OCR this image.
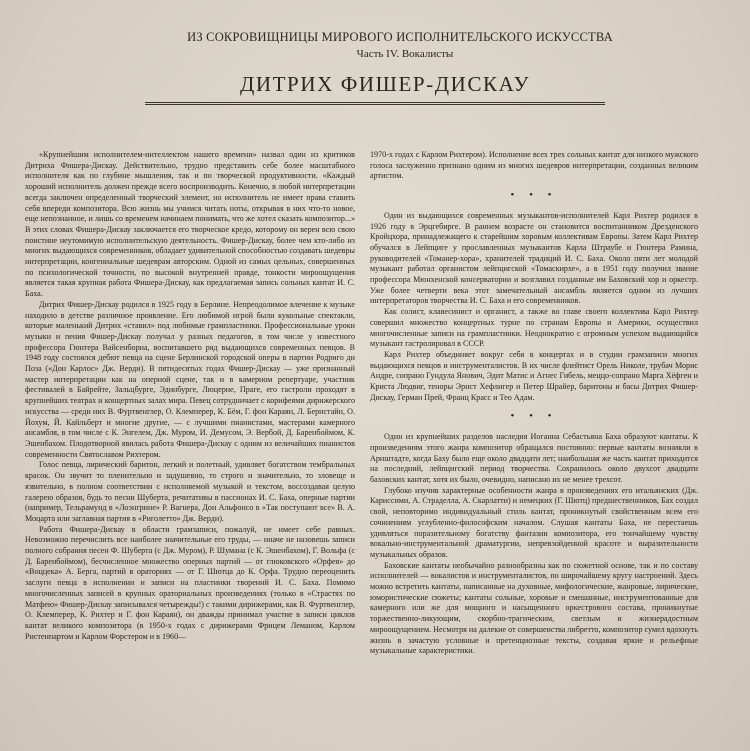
ИЗ СОКРОВИЩНИЦЫ МИРОВОГО ИСПОЛНИТЕЛЬСКОГО ИСКУССТВА
Часть IV. Вокалисты
ДИТРИХ ФИШЕР-ДИСКАУ

«Крупнейшим исполнителем-интеллектом нашего времени» назвал один из критиков Дитриха Фишера-Дискау. Действительно, трудно представить себе более масштабного исполнителя как по глубине мышления, так и по творческой продуктивности. «Каждый хороший исполнитель должен прежде всего воспроизводить. Конечно, в любой интерпретации всегда заключен определенный творческий элемент, но исполнитель не имеет права ставить себя впереди композитора. Всю жизнь мы учимся читать ноты, открывая в них что-то новое, еще непознанное, и лишь со временем начинаем понимать, что же хотел сказать композитор...» В этих словах Фишера-Дискау заключается его творческое кредо, которому он верен всю свою поистине неутомимую исполнительскую деятельность. Фишер-Дискау, более чем кто-либо из многих выдающихся современников, обладает удивительной способностью создавать шедевры интерпретации, конгениальные шедеврам авторским. Одной из самых цельных, совершенных по психологической точности, по высокой внутренней правде, тонкости мироощущения является такая крупная работа Фишера-Дискау, как предлагаемая запись сольных кантат И. С. Баха.

Дитрих Фишер-Дискау родился в 1925 году в Берлине. Непреодолимое влечение к музыке находило в детстве различное проявление. Его любимой игрой были кукольные спектакли, которые маленький Дитрих «ставил» под любимые грампластинки. Профессиональные уроки музыки и пения Фишер-Дискау получал у разных педагогов, в том числе у известного профессора Гюнтера Вайсенборна, воспитавшего ряд выдающихся современных певцов. В 1948 году состоялся дебют певца на сцене Берлинской городской оперы в партии Родриго ди Поза («Дон Карлос» Дж. Верди). В пятидесятых годах Фишер-Дискау — уже признанный мастер интерпретации как на оперной сцене, так и в камерном репертуаре, участник фестивалей в Байрейте, Зальцбурге, Эдинбурге, Люцерне, Праге, его гастроли проходят в крупнейших театрах и концертных залах мира. Певец сотрудничает с корифеями дирижерского искусства — среди них В. Фуртвенглер, О. Клемперер, К. Бём, Г. фон Караян, Л. Бернстайн, О. Йохум, Й. Кайльберт и многие другие, — с лучшими пианистами, мастерами камерного ансамбля, в том числе с К. Энгелем, Дж. Муром, И. Демусом, Э. Вербой, Д. Баренбоймом, К. Эшенбахом. Плодотворной явилась работа Фишера-Дискау с одним из величайших пианистов современности Святославом Рихтером.

Голос певца, лирический баритон, легкий и полетный, удивляет богатством тембральных красок. Он звучит то пленительно и задушевно, то строго и значительно, то зловеще и язвительно, в полном соответствии с исполняемой музыкой и текстом, воссоздавая целую галерею образов, будь то песни Шуберта, речитативы в пассионах И. С. Баха, оперные партии (например, Тельрамунд в «Лоэнгрине» Р. Вагнера, Дон Альфонсо в «Так поступают все» В. А. Моцарта или заглавная партия в «Риголетто» Дж. Верди).

Работа Фишера-Дискау в области грамзаписи, пожалуй, не имеет себе равных. Невозможно перечислить все наиболее значительные его труды, — иначе не назовешь записи полного собрания песен Ф. Шуберта (с Дж. Муром), Р. Шумана (с К. Эшенбахом), Г. Вольфа (с Д. Баренбоймом), бесчисленное множество оперных партий — от глюковского «Орфея» до «Воццека» А. Берга, партий в ораториях — от Г. Шютца до К. Орфа. Трудно переоценить заслуги певца в исполнении и записи на пластинки творений И. С. Баха. Помимо многочисленных записей в крупных ораториальных произведениях (только в «Страстях по Матфею» Фишер-Дискау записывался четырежды!) с такими дирижерами, как В. Фуртвенглер, О. Клемперер, К. Рихтер и Г. фон Караян), он дважды принимал участие в записи циклов кантат великого композитора (в 1950-х годах с дирижерами Фрицем Леманом, Карлом Ристенпартом и Карлом Форстером и в 1960—

1970-х годах с Карлом Рихтером). Исполнение всех трех сольных кантат для низкого мужского голоса заслуженно признано одним из многих шедевров интерпретации, созданных великим артистом.

• • •

Один из выдающихся современных музыкантов-исполнителей Карл Рихтер родился в 1926 году в Эрцгебирге. В раннем возрасте он становится воспитанником Дрезденского Кройцхора, принадлежащего к старейшим хоровым коллективам Европы. Затем Карл Рихтер обучался в Лейпциге у прославленных музыкантов Карла Штраубе и Гюнтера Рамина, руководителей «Томанер-хора», хранителей традиций И. С. Баха. Около пяти лет молодой музыкант работал органистом лейпцигской «Томаскирхе», а в 1951 году получил звание профессора Мюнхенской консерватории и возглавил созданные им Баховский хор и оркестр. Уже более четверти века этот замечательный ансамбль является одним из лучших интерпретаторов творчества И. С. Баха и его современников.

Как солист, клавесинист и органист, а также во главе своего коллектива Карл Рихтер совершил множество концертных турне по странам Европы и Америки, осуществил многочисленные записи на грампластинки. Неоднократно с огромным успехом выдающийся музыкант гастролировал в СССР.

Карл Рихтер объединяет вокруг себя в концертах и в студии грамзаписи многих выдающихся певцов и инструменталистов. В их числе флейтист Орель Николе, трубач Морис Андре, сопрано Гундула Янович, Эдит Матис и Агнес Гибель, меццо-сопрано Марга Хёфген и Криста Людвиг, теноры Эрнст Хефлигер и Петер Шрайер, баритоны и басы Дитрих Фишер-Дискау, Герман Прей, Франц Красс и Тео Адам.

• • •

Один из крупнейших разделов наследия Иоганна Себастьяна Баха образуют кантаты. К произведениям этого жанра композитор обращался постоянно: первые кантаты возникли в Арнштадте, когда Баху было еще около двадцати лет; наибольшая же часть кантат приходится на последний, лейпцигский период творчества. Сохранилось около двухсот двадцати баховских кантат, хотя их было, очевидно, написано их не менее трехсот.

Глубоко изучив характерные особенности жанра в произведениях его итальянских (Дж. Кариссими, А. Страделла, А. Скарлатти) и немецких (Г. Шютц) предшественников, Бах создал свой, неповторимо индивидуальный стиль кантат, проникнутый свойственным всем его сочинениям углубленно-философским началом. Слушая кантаты Баха, не перестаешь удивляться поразительному богатству фантазии композитора, его тончайшему чувству вокально-инструментальной драматургии, непревзойденной красоте и выразительности музыкальных образов.

Баховские кантаты необычайно разнообразны как по сюжетной основе, так и по составу исполнителей — вокалистов и инструменталистов, по широчайшему кругу настроений. Здесь можно встретить кантаты, написанные на духовные, мифологические, жанровые, лирические, юмористические сюжеты; кантаты сольные, хоровые и смешанные, инструментованные для камерного или же для мощного и насыщенного оркестрового состава, проникнутые торжественно-ликующим, скорбно-трагическим, светлым и жизнерадостным мироощущением. Несмотря на далекие от совершенства либретто, композитор сумел вдохнуть жизнь в зачастую условные и претенциозные тексты, создавая яркие и рельефные музыкальные характеристики.
